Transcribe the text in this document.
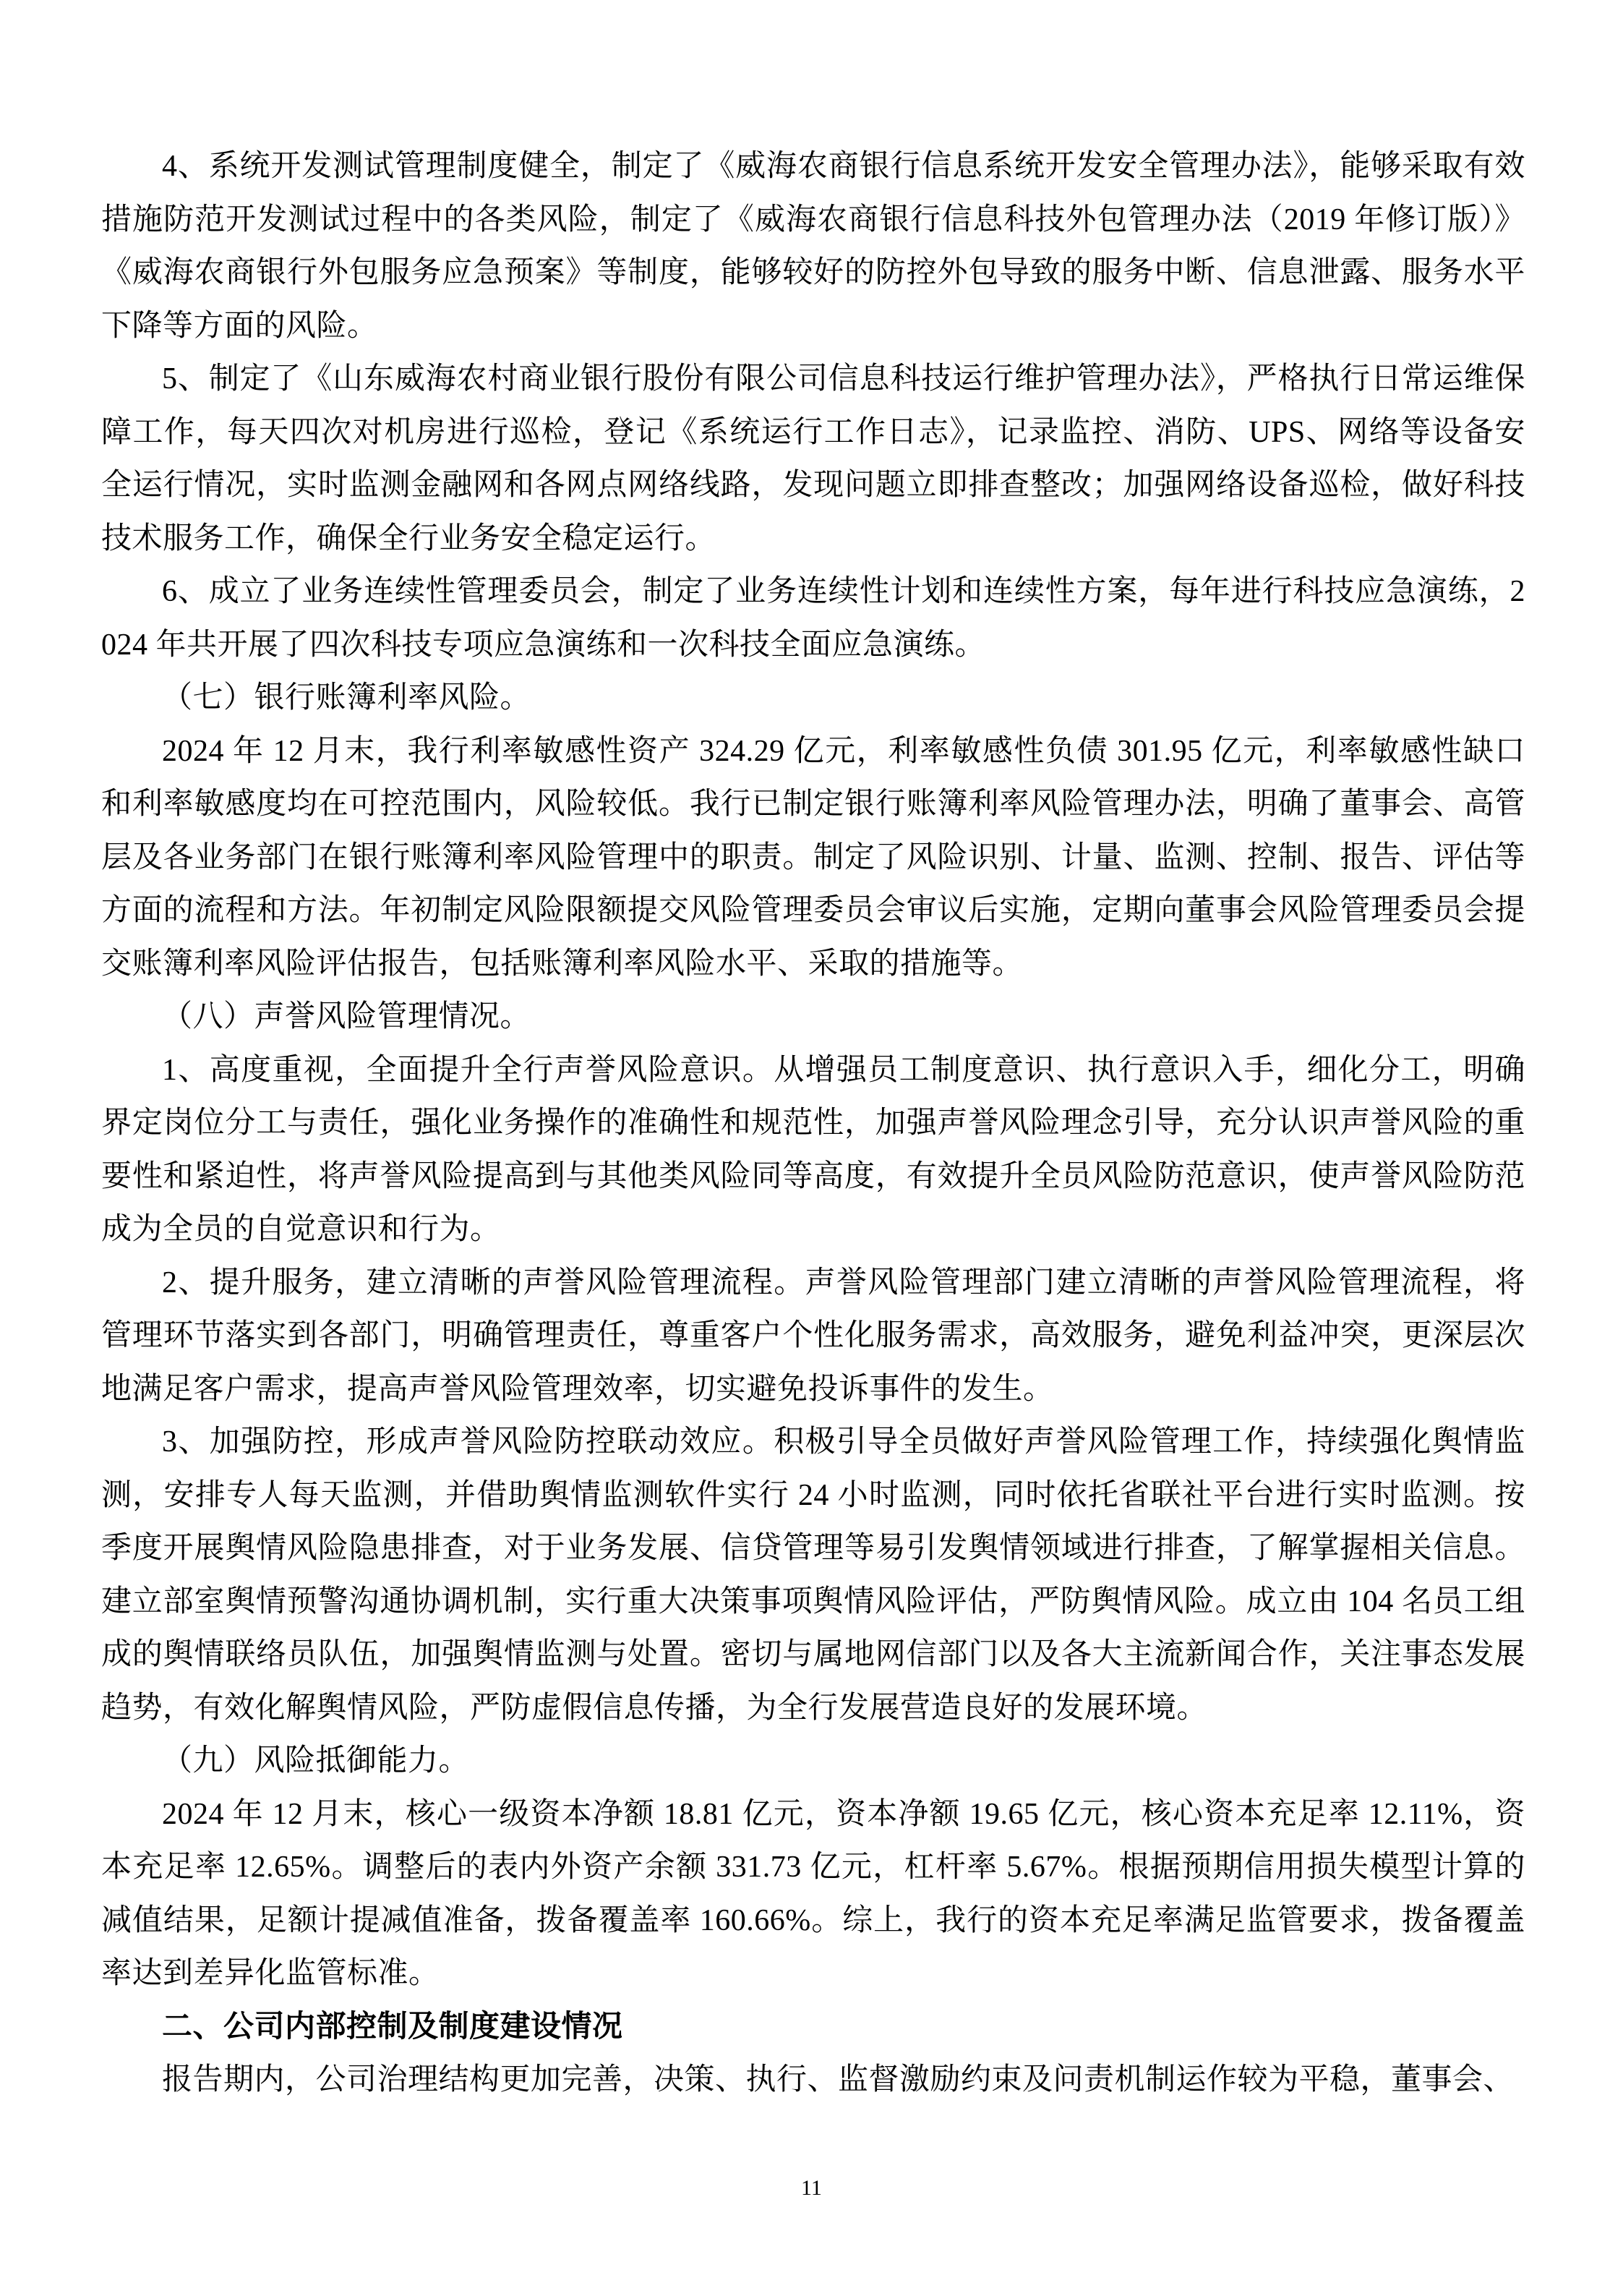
4、系统开发测试管理制度健全，制定了《威海农商银行信息系统开发安全管理办法》，能够采取有效措施防范开发测试过程中的各类风险，制定了《威海农商银行信息科技外包管理办法（2019 年修订版）》《威海农商银行外包服务应急预案》等制度，能够较好的防控外包导致的服务中断、信息泄露、服务水平下降等方面的风险。

5、制定了《山东威海农村商业银行股份有限公司信息科技运行维护管理办法》，严格执行日常运维保障工作，每天四次对机房进行巡检，登记《系统运行工作日志》，记录监控、消防、UPS、网络等设备安全运行情况，实时监测金融网和各网点网络线路，发现问题立即排查整改；加强网络设备巡检，做好科技技术服务工作，确保全行业务安全稳定运行。

6、成立了业务连续性管理委员会，制定了业务连续性计划和连续性方案，每年进行科技应急演练，2024 年共开展了四次科技专项应急演练和一次科技全面应急演练。

（七）银行账簿利率风险。

2024 年 12 月末，我行利率敏感性资产 324.29 亿元，利率敏感性负债 301.95 亿元，利率敏感性缺口和利率敏感度均在可控范围内，风险较低。我行已制定银行账簿利率风险管理办法，明确了董事会、高管层及各业务部门在银行账簿利率风险管理中的职责。制定了风险识别、计量、监测、控制、报告、评估等方面的流程和方法。年初制定风险限额提交风险管理委员会审议后实施，定期向董事会风险管理委员会提交账簿利率风险评估报告，包括账簿利率风险水平、采取的措施等。

（八）声誉风险管理情况。

1、高度重视，全面提升全行声誉风险意识。从增强员工制度意识、执行意识入手，细化分工，明确界定岗位分工与责任，强化业务操作的准确性和规范性，加强声誉风险理念引导，充分认识声誉风险的重要性和紧迫性，将声誉风险提高到与其他类风险同等高度，有效提升全员风险防范意识，使声誉风险防范成为全员的自觉意识和行为。

2、提升服务，建立清晰的声誉风险管理流程。声誉风险管理部门建立清晰的声誉风险管理流程，将管理环节落实到各部门，明确管理责任，尊重客户个性化服务需求，高效服务，避免利益冲突，更深层次地满足客户需求，提高声誉风险管理效率，切实避免投诉事件的发生。

3、加强防控，形成声誉风险防控联动效应。积极引导全员做好声誉风险管理工作，持续强化舆情监测，安排专人每天监测，并借助舆情监测软件实行 24 小时监测，同时依托省联社平台进行实时监测。按季度开展舆情风险隐患排查，对于业务发展、信贷管理等易引发舆情领域进行排查，了解掌握相关信息。建立部室舆情预警沟通协调机制，实行重大决策事项舆情风险评估，严防舆情风险。成立由 104 名员工组成的舆情联络员队伍，加强舆情监测与处置。密切与属地网信部门以及各大主流新闻合作，关注事态发展趋势，有效化解舆情风险，严防虚假信息传播，为全行发展营造良好的发展环境。

（九）风险抵御能力。

2024 年 12 月末，核心一级资本净额 18.81 亿元，资本净额 19.65 亿元，核心资本充足率 12.11%，资本充足率 12.65%。调整后的表内外资产余额 331.73 亿元，杠杆率 5.67%。根据预期信用损失模型计算的减值结果，足额计提减值准备，拨备覆盖率 160.66%。综上，我行的资本充足率满足监管要求，拨备覆盖率达到差异化监管标准。

二、公司内部控制及制度建设情况

报告期内，公司治理结构更加完善，决策、执行、监督激励约束及问责机制运作较为平稳，董事会、

11
